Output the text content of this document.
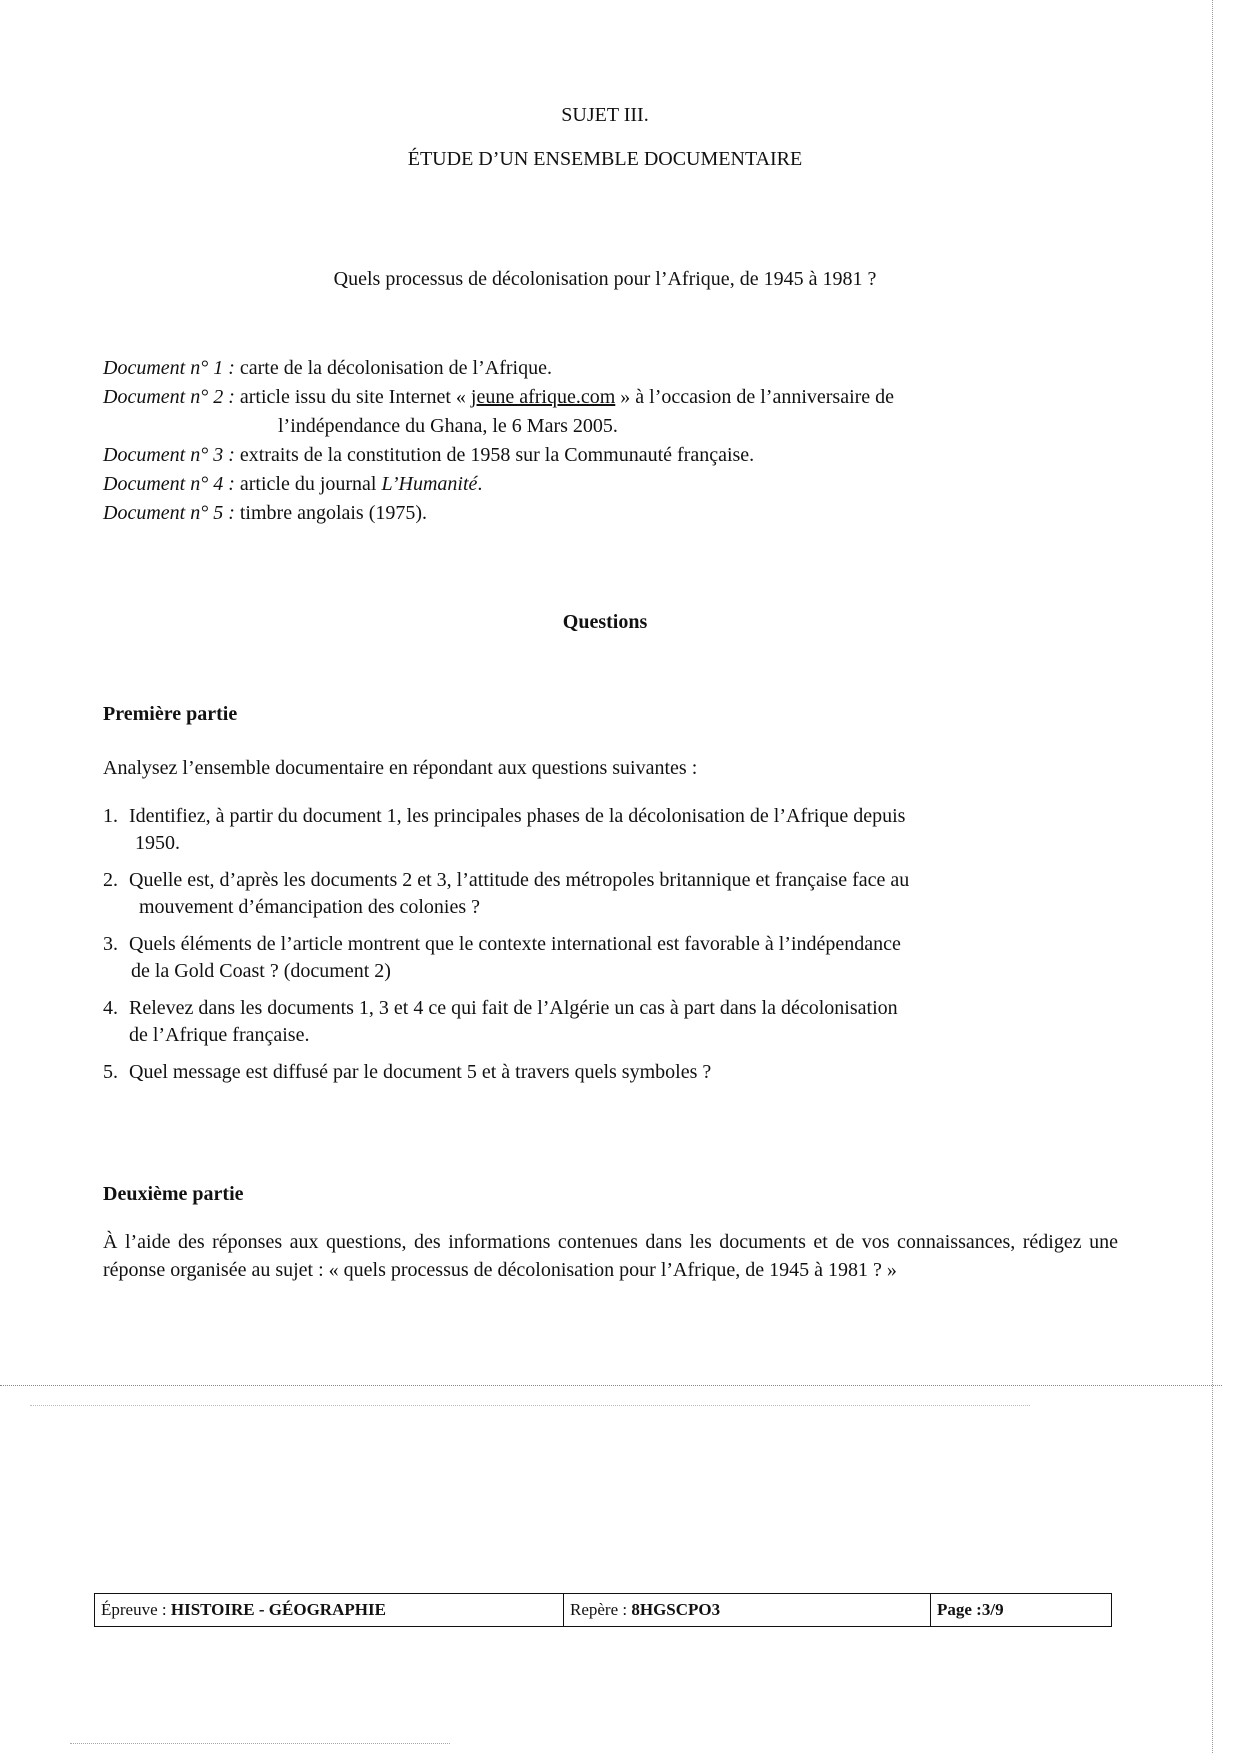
SUJET III.
ÉTUDE D’UN ENSEMBLE DOCUMENTAIRE
Quels processus de décolonisation pour l’Afrique, de 1945 à 1981 ?
Document n° 1 : carte de la décolonisation de l’Afrique.
Document n° 2 : article issu du site Internet « jeune afrique.com » à l’occasion de l’anniversaire de
l’indépendance du Ghana, le 6 Mars 2005.
Document n° 3 : extraits de la constitution de 1958 sur la Communauté française.
Document n° 4 : article du journal L’Humanité.
Document n° 5 : timbre angolais (1975).
Questions
Première partie
Analysez l’ensemble documentaire en répondant aux questions suivantes :
1. Identifiez, à partir du document 1, les principales phases de la décolonisation de l’Afrique depuis
1950.
2. Quelle est, d’après les documents 2 et 3, l’attitude des métropoles britannique et française face au
mouvement d’émancipation des colonies ?
3. Quels éléments de l’article montrent que le contexte international est favorable à l’indépendance
de la Gold Coast ? (document 2)
4. Relevez dans les documents 1, 3 et 4 ce qui fait de l’Algérie un cas à part dans la décolonisation
de l’Afrique française.
5. Quel message est diffusé par le document 5 et à travers quels symboles ?
Deuxième partie
À l’aide des réponses aux questions, des informations contenues dans les documents et de vos connaissances, rédigez une réponse organisée au sujet : « quels processus de décolonisation pour l’Afrique, de 1945 à 1981 ? »
Épreuve :
HISTOIRE - GÉOGRAPHIE	Repère :
8HGSCPO3	Page : 3/9
